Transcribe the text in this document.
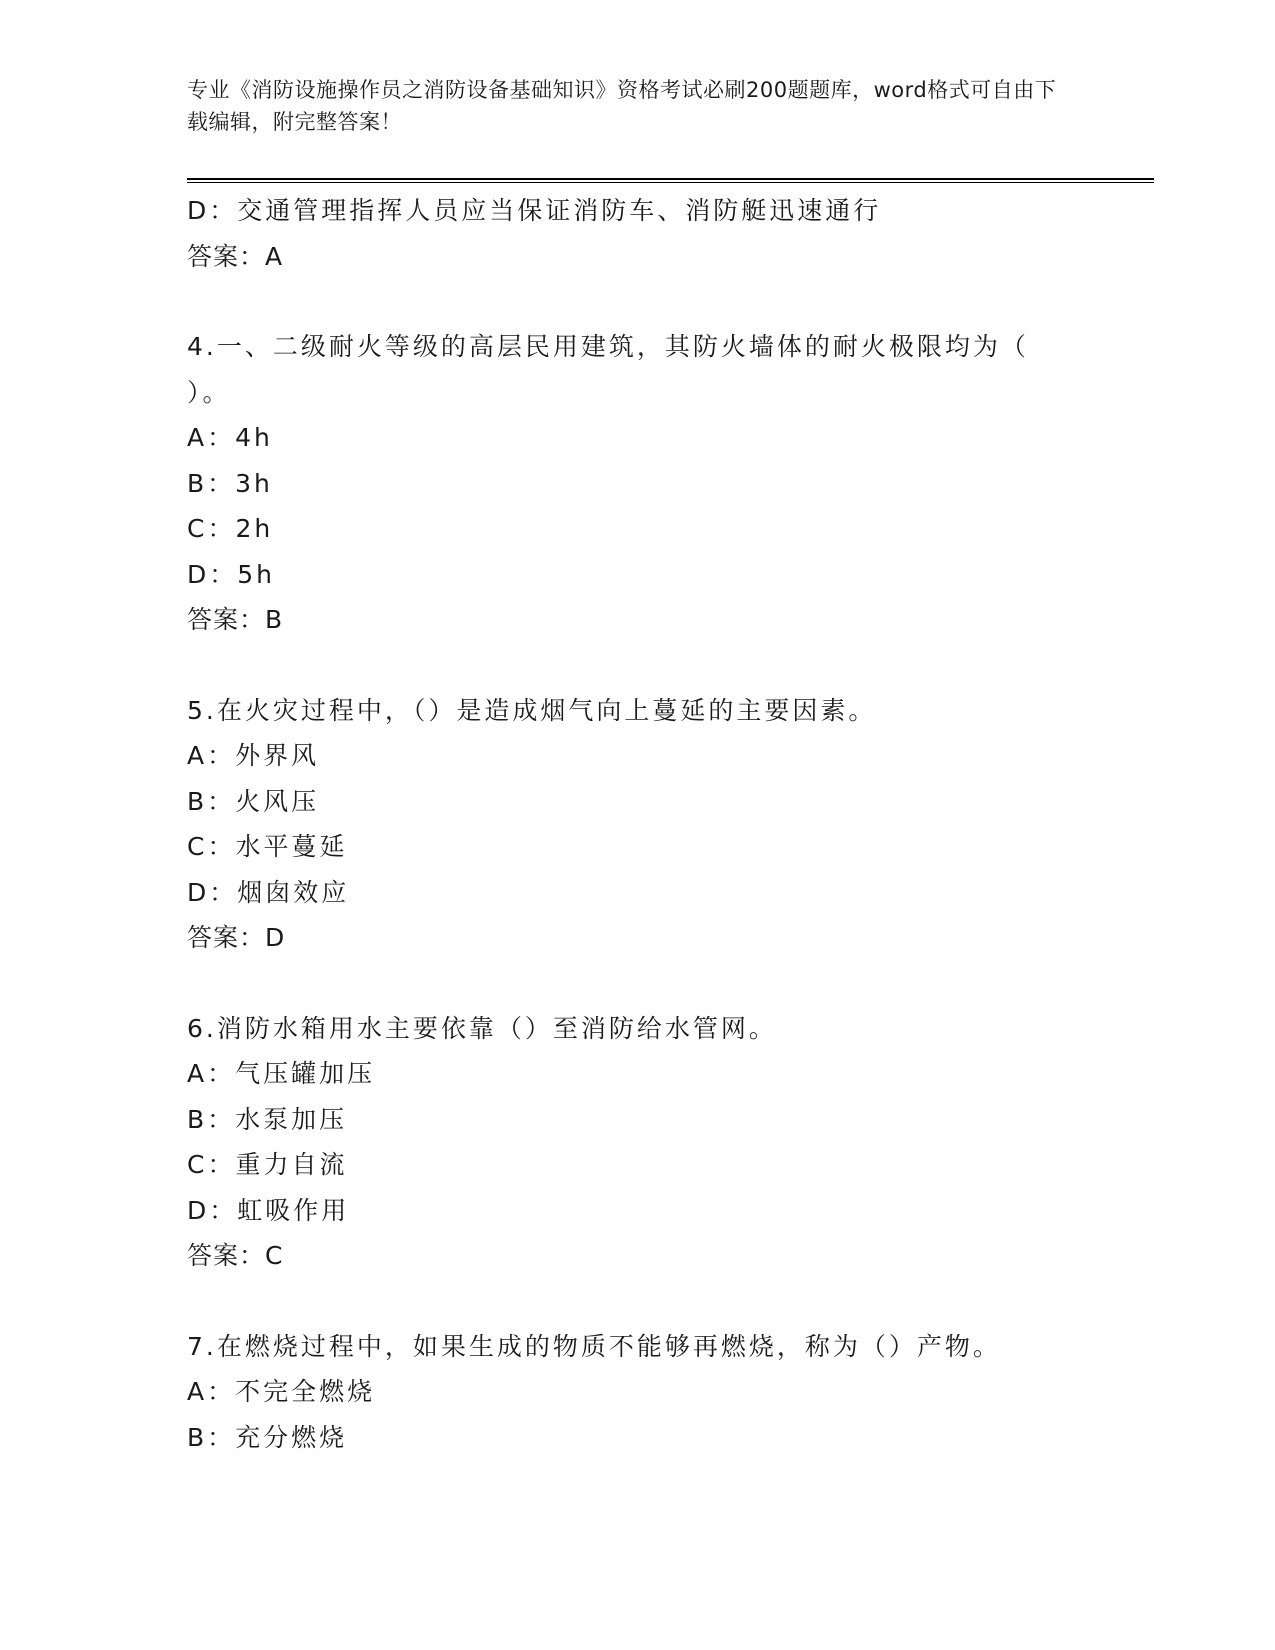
专业《消防设施操作员之消防设备基础知识》资格考试必刷200题题库，word格式可自由下载编辑，附完整答案！
D：交通管理指挥人员应当保证消防车、消防艇迅速通行
答案：A
4.一、二级耐火等级的高层民用建筑，其防火墙体的耐火极限均为（
）。
A：4h
B：3h
C：2h
D：5h
答案：B
5.在火灾过程中，（）是造成烟气向上蔓延的主要因素。
A：外界风
B：火风压
C：水平蔓延
D：烟囱效应
答案：D
6.消防水箱用水主要依靠（）至消防给水管网。
A：气压罐加压
B：水泵加压
C：重力自流
D：虹吸作用
答案：C
7.在燃烧过程中，如果生成的物质不能够再燃烧，称为（）产物。
A：不完全燃烧
B：充分燃烧
